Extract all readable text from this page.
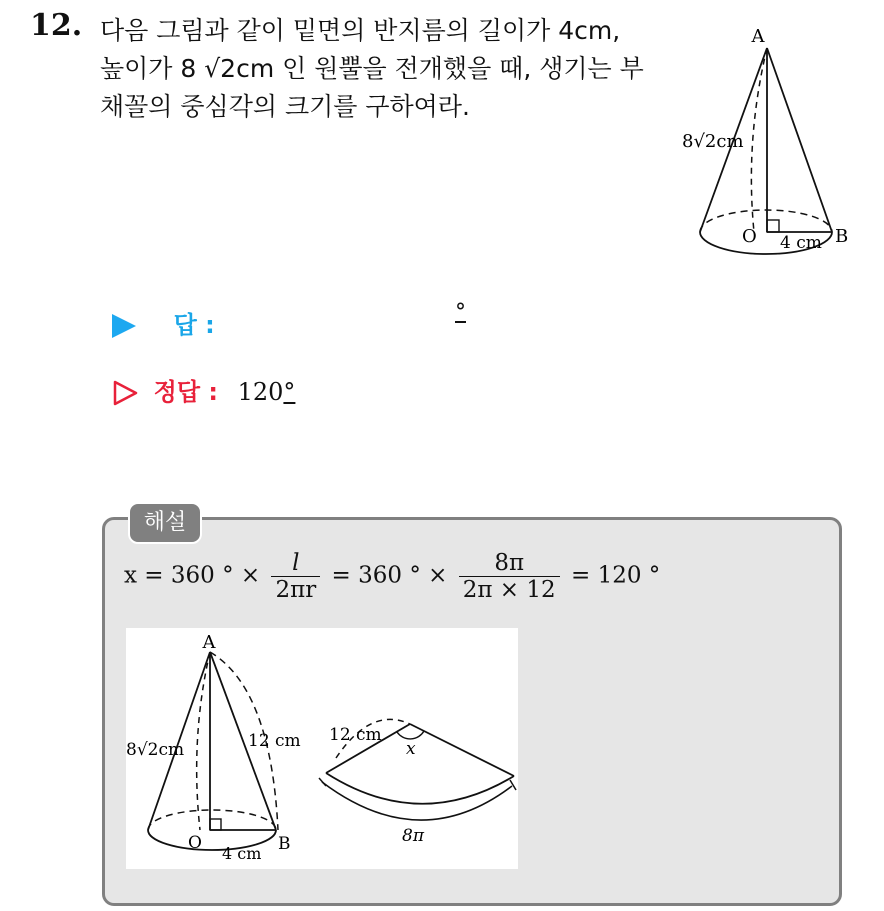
12. 다음 그림과 같이 밑면의 반지름의 길이가 4cm,
높이가 8 √2cm 인 원뿔을 전개했을 때, 생기는 부
채꼴의 중심각의 크기를 구하여라.
A
8√2cm
O 4 cm B
답 :	°
정답 : 120°
해설
x = 360 ° × $\frac{l}{2\pi r} = 360$ ° × $\frac{8\pi}{2\pi \times 12} = 120$ °
A
8√2cm	12 cm
O
4 cm B
12 cm
x
8π
